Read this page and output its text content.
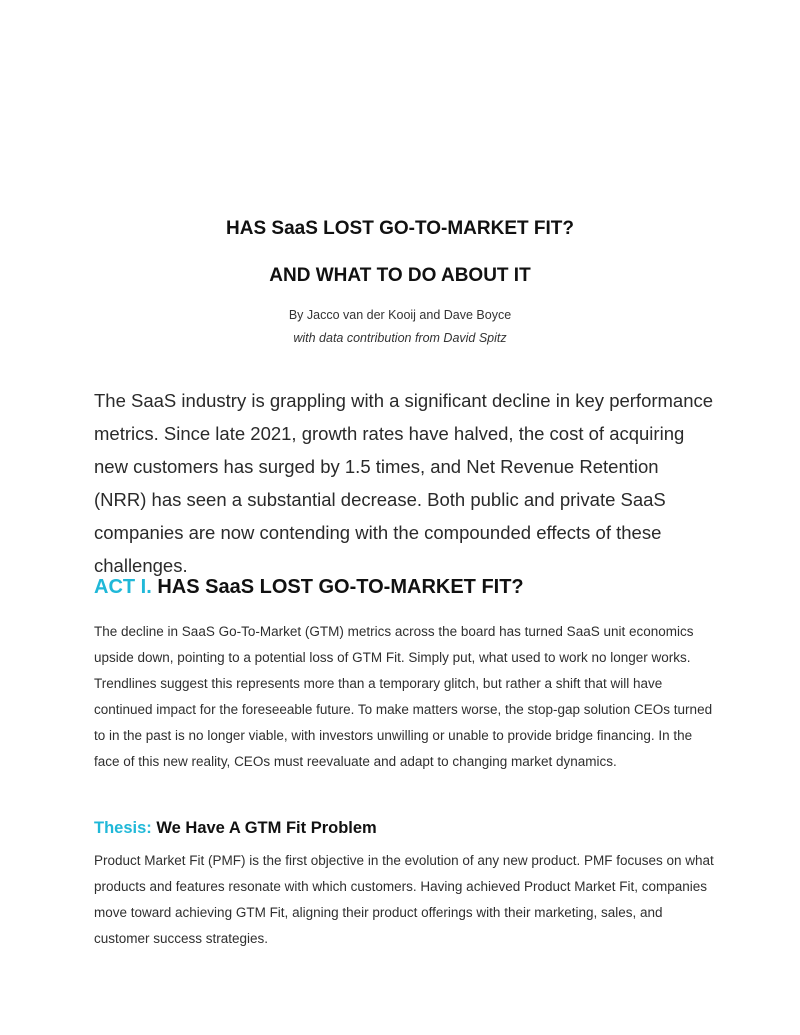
HAS SaaS LOST GO-TO-MARKET FIT?
AND WHAT TO DO ABOUT IT
By Jacco van der Kooij and Dave Boyce
with data contribution from David Spitz

The SaaS industry is grappling with a significant decline in key performance metrics. Since late 2021, growth rates have halved, the cost of acquiring new customers has surged by 1.5 times, and Net Revenue Retention (NRR) has seen a substantial decrease. Both public and private SaaS companies are now contending with the compounded effects of these challenges.

ACT I. HAS SaaS LOST GO-TO-MARKET FIT?

The decline in SaaS Go-To-Market (GTM) metrics across the board has turned SaaS unit economics upside down, pointing to a potential loss of GTM Fit. Simply put, what used to work no longer works. Trendlines suggest this represents more than a temporary glitch, but rather a shift that will have continued impact for the foreseeable future. To make matters worse, the stop-gap solution CEOs turned to in the past is no longer viable, with investors unwilling or unable to provide bridge financing. In the face of this new reality, CEOs must reevaluate and adapt to changing market dynamics.

Thesis: We Have A GTM Fit Problem

Product Market Fit (PMF) is the first objective in the evolution of any new product. PMF focuses on what products and features resonate with which customers. Having achieved Product Market Fit, companies move toward achieving GTM Fit, aligning their product offerings with their marketing, sales, and customer success strategies.
